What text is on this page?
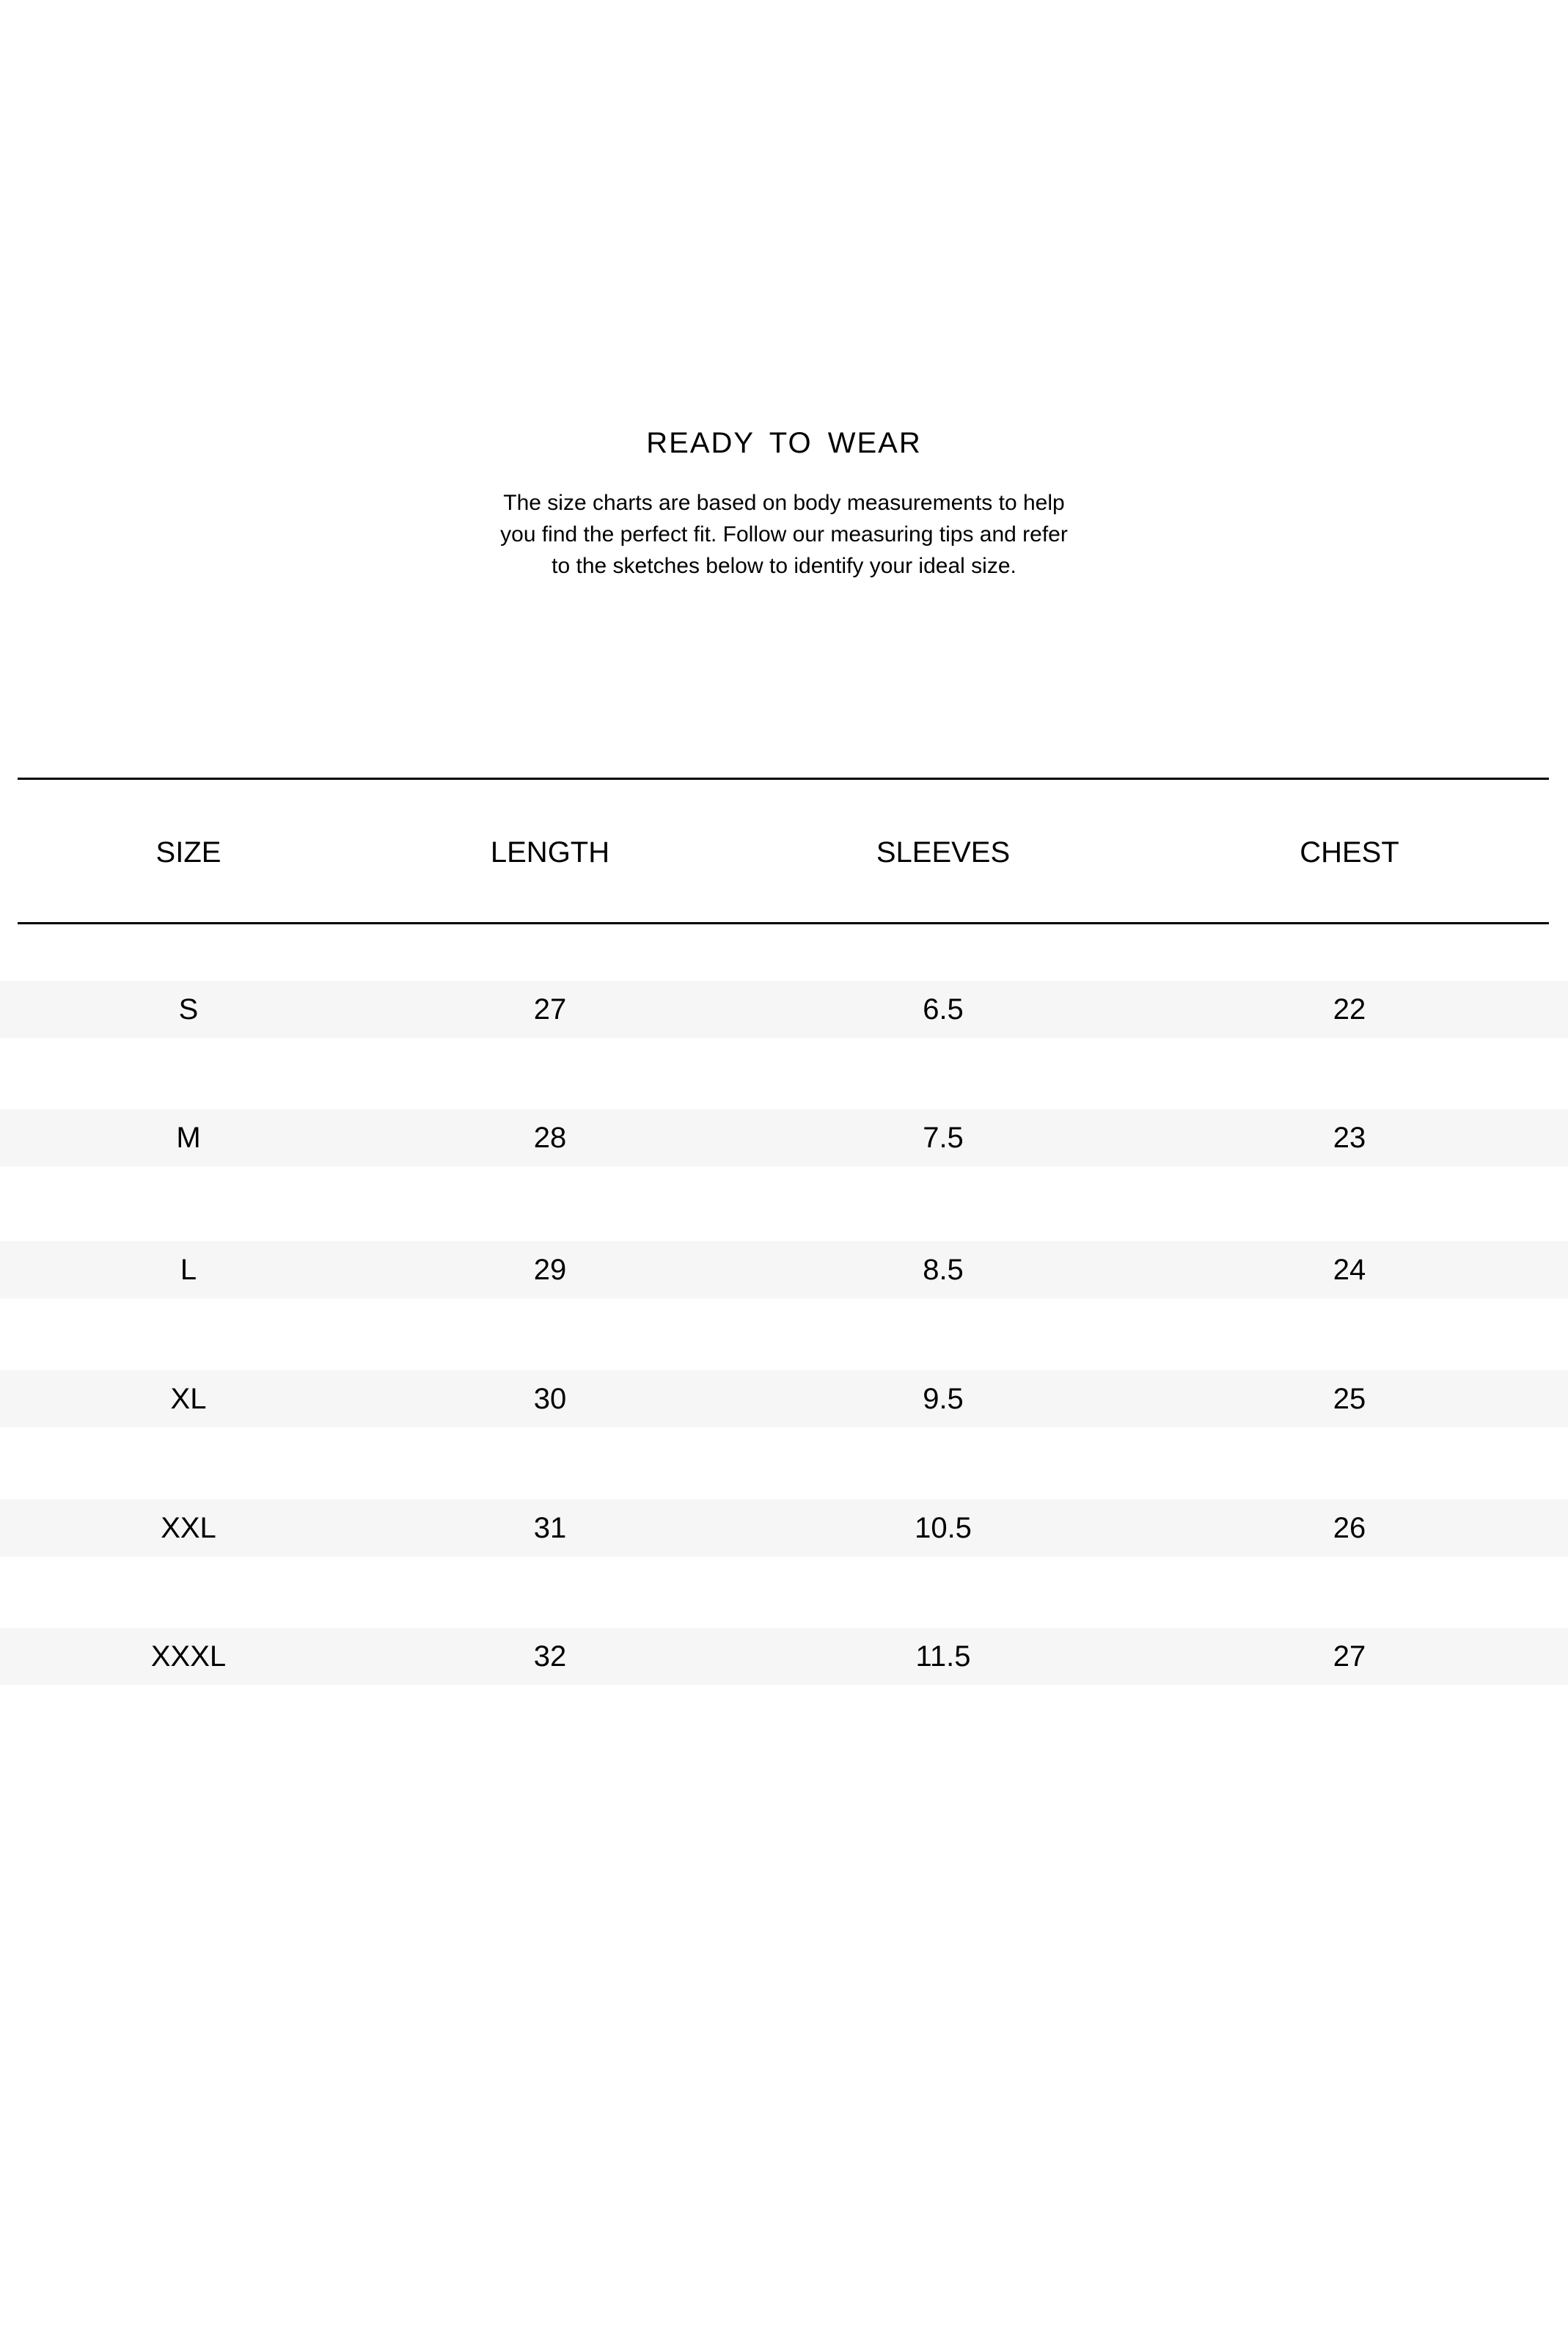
READY TO WEAR
The size charts are based on body measurements to help you find the perfect fit. Follow our measuring tips and refer to the sketches below to identify your ideal size.
SIZE	LENGTH	SLEEVES	CHEST
S	27	6.5	22
M	28	7.5	23
L	29	8.5	24
XL	30	9.5	25
XXL	31	10.5	26
XXXL	32	11.5	27
